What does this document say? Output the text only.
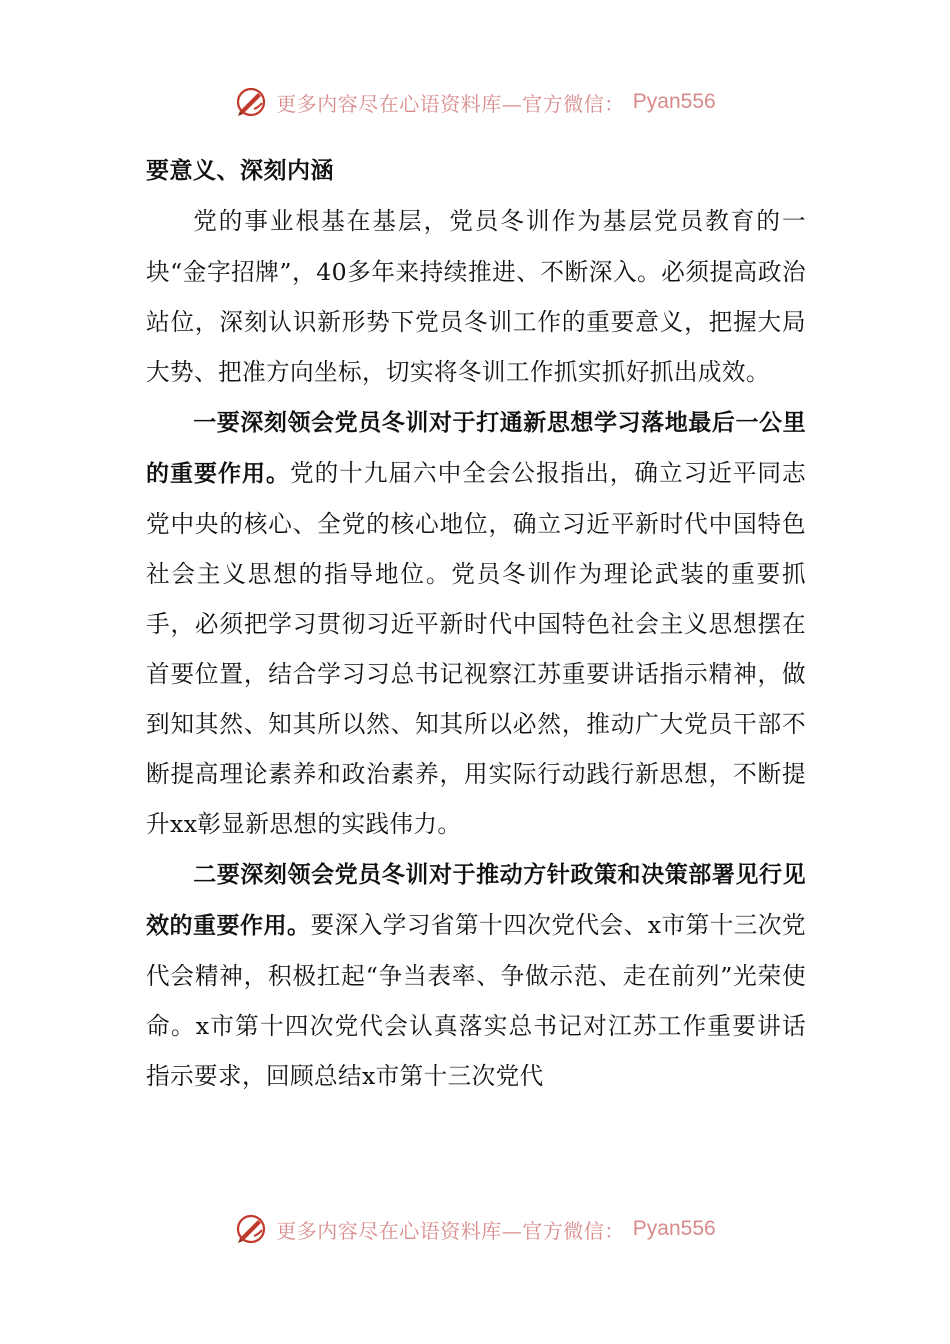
更多内容尽在心语资料库—官方微信： Pyan556
要意义、深刻内涵

党的事业根基在基层，党员冬训作为基层党员教育的一块“金字招牌”，40多年来持续推进、不断深入。必须提高政治站位，深刻认识新形势下党员冬训工作的重要意义，把握大局大势、把准方向坐标，切实将冬训工作抓实抓好抓出成效。

一要深刻领会党员冬训对于打通新思想学习落地最后一公里的重要作用。党的十九届六中全会公报指出，确立习近平同志党中央的核心、全党的核心地位，确立习近平新时代中国特色社会主义思想的指导地位。党员冬训作为理论武装的重要抓手，必须把学习贯彻习近平新时代中国特色社会主义思想摆在首要位置，结合学习习总书记视察江苏重要讲话指示精神，做到知其然、知其所以然、知其所以必然，推动广大党员干部不断提高理论素养和政治素养，用实际行动践行新思想，不断提升xx彰显新思想的实践伟力。

二要深刻领会党员冬训对于推动方针政策和决策部署见行见效的重要作用。要深入学习省第十四次党代会、x市第十三次党代会精神，积极扛起“争当表率、争做示范、走在前列”光荣使命。x市第十四次党代会认真落实总书记对江苏工作重要讲话指示要求，回顾总结x市第十三次党代

更多内容尽在心语资料库—官方微信： Pyan556
